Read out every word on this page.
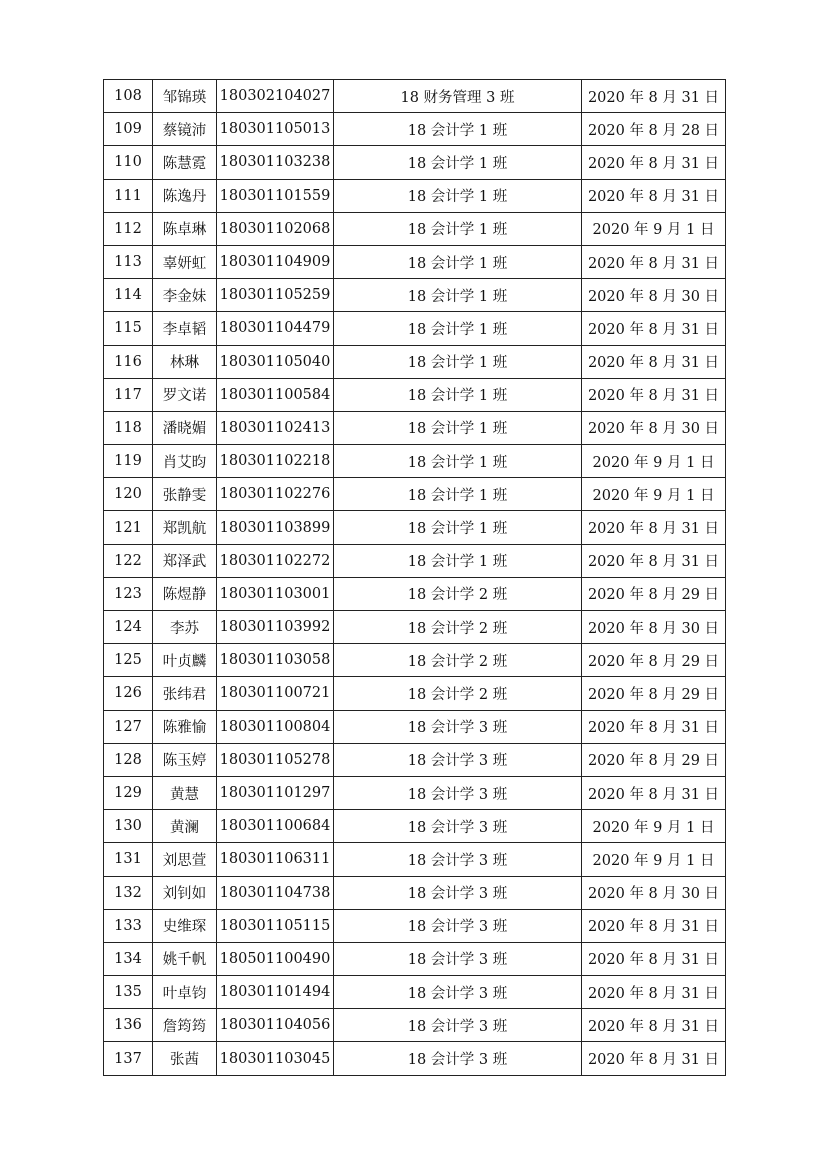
108	邹锦瑛	180302104027	18 财务管理 3 班	2020 年 8 月 31 日
109	蔡镜沛	180301105013	18 会计学 1 班	2020 年 8 月 28 日
110	陈慧霓	180301103238	18 会计学 1 班	2020 年 8 月 31 日
111	陈逸丹	180301101559	18 会计学 1 班	2020 年 8 月 31 日
112	陈卓琳	180301102068	18 会计学 1 班	2020 年 9 月 1 日
113	辜妍虹	180301104909	18 会计学 1 班	2020 年 8 月 31 日
114	李金妹	180301105259	18 会计学 1 班	2020 年 8 月 30 日
115	李卓韬	180301104479	18 会计学 1 班	2020 年 8 月 31 日
116	林琳	180301105040	18 会计学 1 班	2020 年 8 月 31 日
117	罗文诺	180301100584	18 会计学 1 班	2020 年 8 月 31 日
118	潘晓媚	180301102413	18 会计学 1 班	2020 年 8 月 30 日
119	肖艾昀	180301102218	18 会计学 1 班	2020 年 9 月 1 日
120	张静雯	180301102276	18 会计学 1 班	2020 年 9 月 1 日
121	郑凯航	180301103899	18 会计学 1 班	2020 年 8 月 31 日
122	郑泽武	180301102272	18 会计学 1 班	2020 年 8 月 31 日
123	陈煜静	180301103001	18 会计学 2 班	2020 年 8 月 29 日
124	李苏	180301103992	18 会计学 2 班	2020 年 8 月 30 日
125	叶贞麟	180301103058	18 会计学 2 班	2020 年 8 月 29 日
126	张纬君	180301100721	18 会计学 2 班	2020 年 8 月 29 日
127	陈雅愉	180301100804	18 会计学 3 班	2020 年 8 月 31 日
128	陈玉婷	180301105278	18 会计学 3 班	2020 年 8 月 29 日
129	黄慧	180301101297	18 会计学 3 班	2020 年 8 月 31 日
130	黄澜	180301100684	18 会计学 3 班	2020 年 9 月 1 日
131	刘思萱	180301106311	18 会计学 3 班	2020 年 9 月 1 日
132	刘钊如	180301104738	18 会计学 3 班	2020 年 8 月 30 日
133	史维琛	180301105115	18 会计学 3 班	2020 年 8 月 31 日
134	姚千帆	180501100490	18 会计学 3 班	2020 年 8 月 31 日
135	叶卓钧	180301101494	18 会计学 3 班	2020 年 8 月 31 日
136	詹筠筠	180301104056	18 会计学 3 班	2020 年 8 月 31 日
137	张茜	180301103045	18 会计学 3 班	2020 年 8 月 31 日
